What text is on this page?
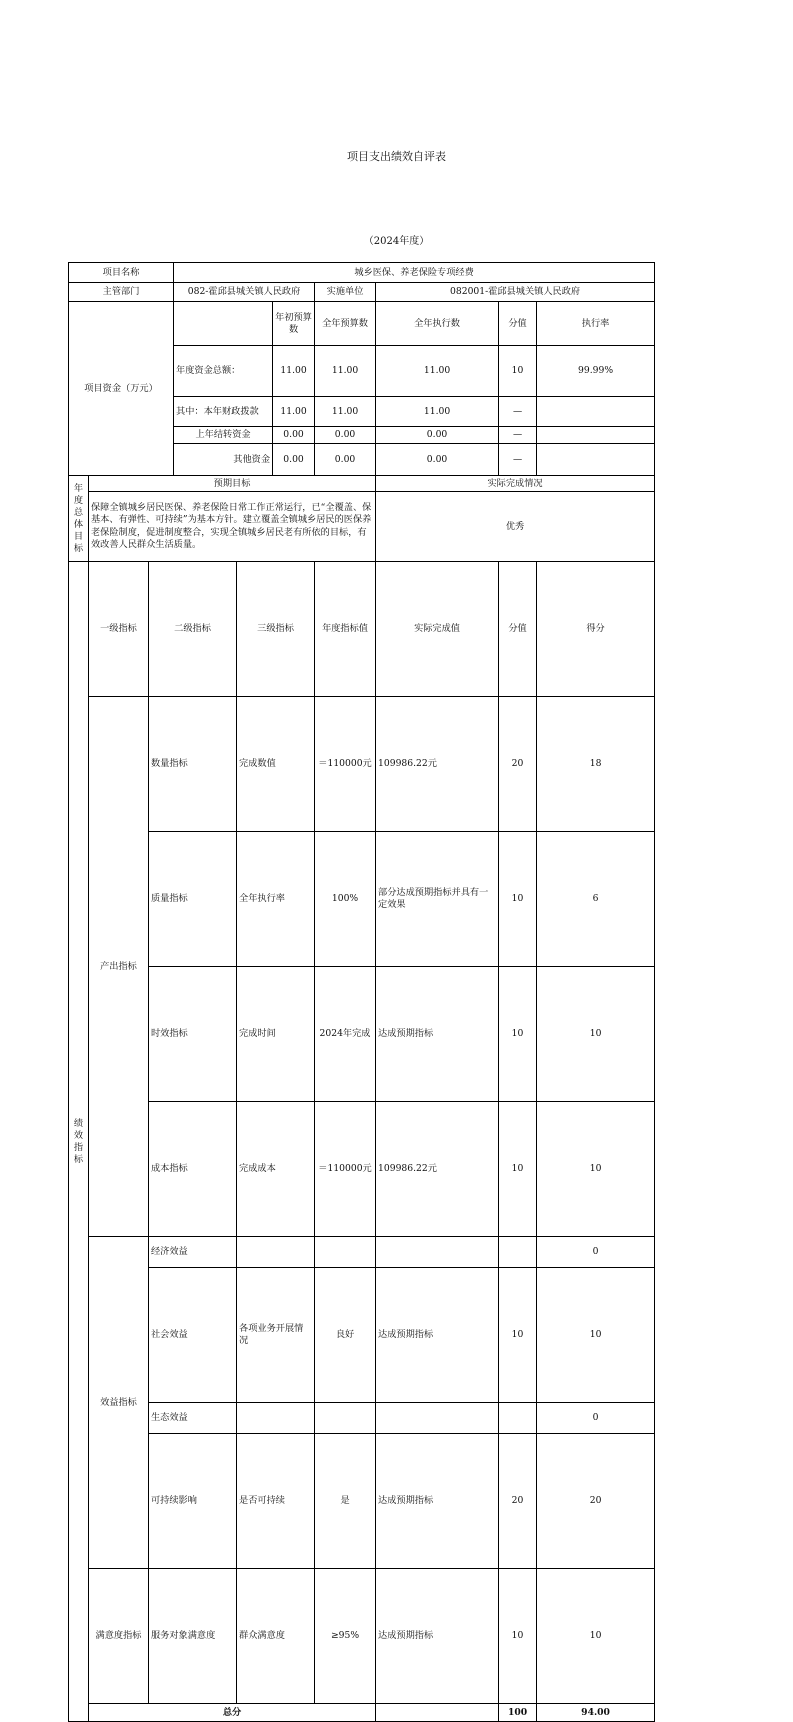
项目支出绩效自评表
（2024年度）
项目名称			城乡医保、养老保险专项经费							
主管部门			082-霍邱县城关镇人民政府			实施单位	082001-霍邱县城关镇人民政府			
项目资金（万元）					年初预算数	全年预算数	全年执行数	分值	执行率	
			年度资金总额：		11.00	11.00	11.00	10	99.99%	
			其中：本年财政拨款		11.00	11.00	11.00	—		
			上年结转资金		0.00	0.00	0.00	—		
			其他资金		0.00	0.00	0.00	—		
年度总体目标	预期目标						实际完成情况			
	保障全镇城乡居民医保、养老保险日常工作正常运行，已“全覆盖、保基本、有弹性、可持续”为基本方针。建立覆盖全镇城乡居民的医保养老保险制度，促进制度整合，实现全镇城乡居民老有所依的目标，有效改善人民群众生活质量。						优秀			
绩效指标	一级指标	二级指标		三级指标		年度指标值	实际完成值	分值	得分	
	产出指标	数量指标		完成数值		＝110000元	109986.22元	20	18	
		质量指标		全年执行率		100%	部分达成预期指标并具有一定效果	10	6	
		时效指标		完成时间		2024年完成	达成预期指标	10	10	
		成本指标		完成成本		＝110000元	109986.22元	10	10	
	效益指标	经济效益							0	
		社会效益		各项业务开展情况		良好	达成预期指标	10	10	
		生态效益							0	
		可持续影响		是否可持续		是	达成预期指标	20	20	
	满意度指标	服务对象满意度		群众满意度		≥95%	达成预期指标	10	10	
	总分							100	94.00	
